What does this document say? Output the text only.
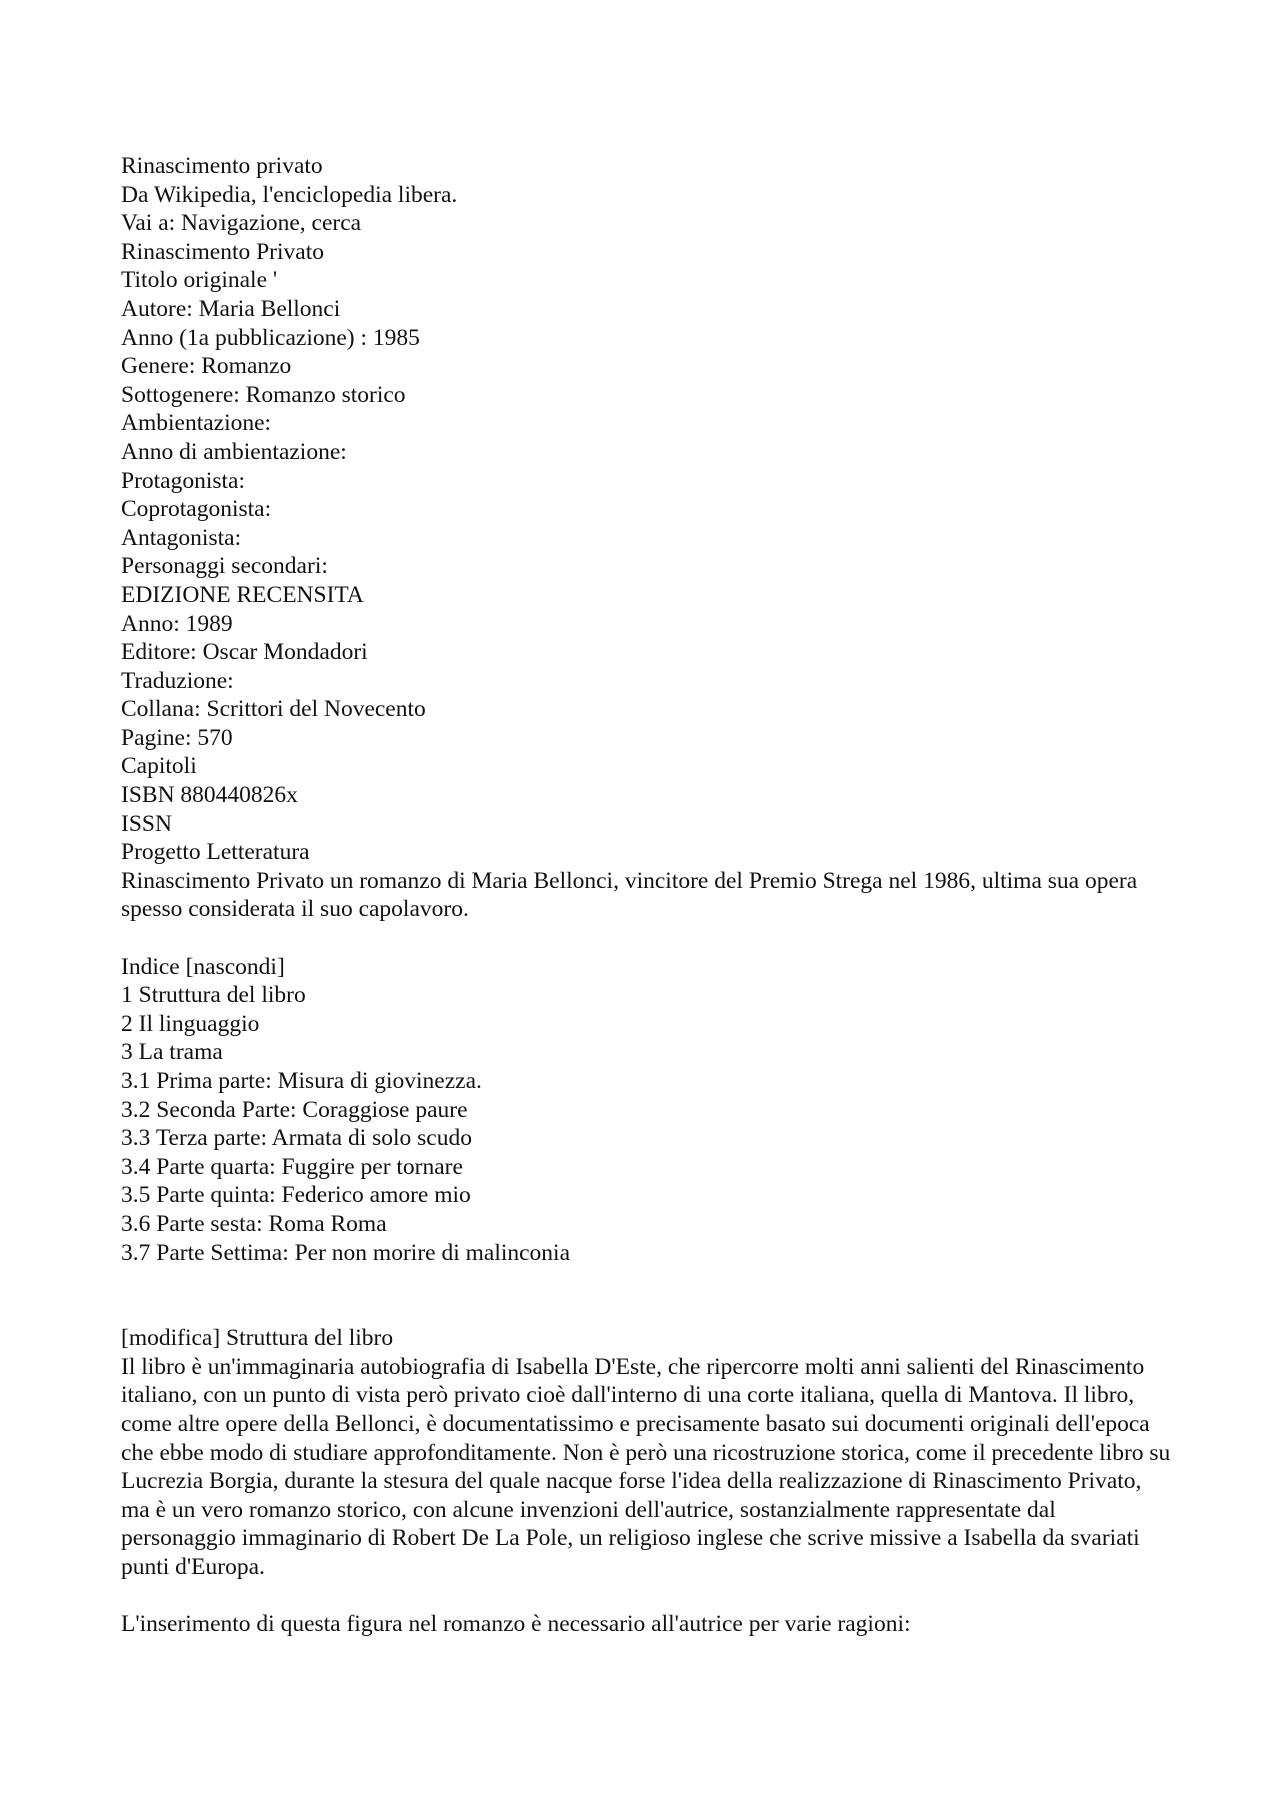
Rinascimento privato
Da Wikipedia, l'enciclopedia libera.
Vai a: Navigazione, cerca
Rinascimento Privato
Titolo originale '
Autore: Maria Bellonci
Anno (1a pubblicazione) : 1985
Genere: Romanzo
Sottogenere: Romanzo storico
Ambientazione:
Anno di ambientazione:
Protagonista:
Coprotagonista:
Antagonista:
Personaggi secondari:
EDIZIONE RECENSITA
Anno: 1989
Editore: Oscar Mondadori
Traduzione:
Collana: Scrittori del Novecento
Pagine: 570
Capitoli
ISBN 880440826x
ISSN
Progetto Letteratura
Rinascimento Privato un romanzo di Maria Bellonci, vincitore del Premio Strega nel 1986, ultima sua opera spesso considerata il suo capolavoro.
Indice [nascondi]
1 Struttura del libro
2 Il linguaggio
3 La trama
3.1 Prima parte: Misura di giovinezza.
3.2 Seconda Parte: Coraggiose paure
3.3 Terza parte: Armata di solo scudo
3.4 Parte quarta: Fuggire per tornare
3.5 Parte quinta: Federico amore mio
3.6 Parte sesta: Roma Roma
3.7 Parte Settima: Per non morire di malinconia
[modifica] Struttura del libro
Il libro è un'immaginaria autobiografia di Isabella D'Este, che ripercorre molti anni salienti del Rinascimento italiano, con un punto di vista però privato cioè dall'interno di una corte italiana, quella di Mantova. Il libro, come altre opere della Bellonci, è documentatissimo e precisamente basato sui documenti originali dell'epoca che ebbe modo di studiare approfonditamente. Non è però una ricostruzione storica, come il precedente libro su Lucrezia Borgia, durante la stesura del quale nacque forse l'idea della realizzazione di Rinascimento Privato, ma è un vero romanzo storico, con alcune invenzioni dell'autrice, sostanzialmente rappresentate dal personaggio immaginario di Robert De La Pole, un religioso inglese che scrive missive a Isabella da svariati punti d'Europa.
L'inserimento di questa figura nel romanzo è necessario all'autrice per varie ragioni:
